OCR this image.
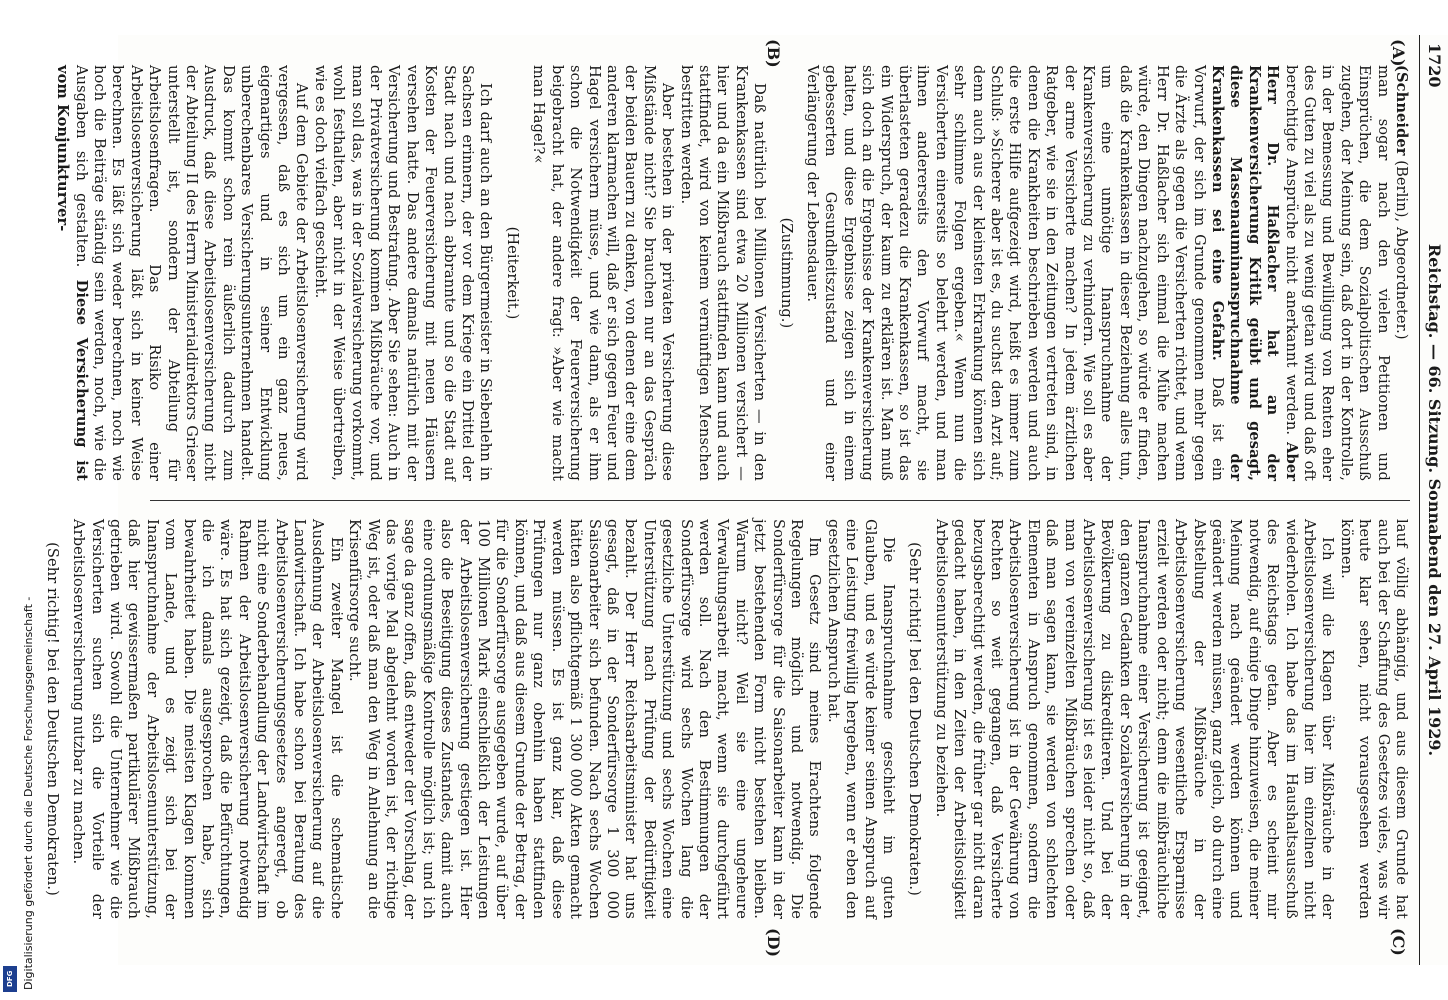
1720
Reichstag. — 66. Sitzung. Sonnabend den 27. April 1929.
(A)
(B)
(C)
(D)

(Schneider (Berlin), Abgeordneter.)

man sogar nach den vielen Petitionen und Einsprüchen, die dem Sozialpolitischen Ausschuß zugehen, der Meinung sein, daß dort in der Kontrolle, in der Bemessung und Bewilligung von Renten eher des Guten zu viel als zu wenig getan wird und daß oft berechtigte Ansprüche nicht anerkannt werden. Aber Herr Dr. Haßlacher hat an der Krankenversicherung Kritik geübt und gesagt, diese Massenauminanspruchnahme der Krankenkassen sei eine Gefahr. Daß ist ein Vorwurf, der sich im Grunde genommen mehr gegen die Ärzte als gegen die Versicherten richtet, und wenn Herr Dr. Haßlacher sich einmal die Mühe machen würde, den Dingen nachzugehen, so würde er finden, daß die Krankenkassen in dieser Beziehung alles tun, um eine unnötige Inanspruchnahme der Krankenversicherung zu verhindern. Wie soll es aber der arme Versicherte machen? In jedem ärztlichen Ratgeber, wie sie in den Zeitungen vertreten sind, in denen die Krankheiten beschrieben werden und auch die erste Hilfe aufgezeigt wird, heißt es immer zum Schluß: »Sicherer aber ist es, du suchst den Arzt auf; denn auch aus der kleinsten Erkrankung können sich sehr schlimme Folgen ergeben.« Wenn nun die Versicherten einerseits so belehrt werden, und man ihnen andererseits den Vorwurf macht, sie überlasteten geradezu die Krankenkassen, so ist das ein Widerspruch, der kaum zu erklären ist. Man muß sich doch an die Ergebnisse der Krankenversicherung halten, und diese Ergebnisse zeigen sich in einem gebesserten Gesundheitszustand und einer Verlängerung der Lebensdauer.

(Zustimmung.)

Daß natürlich bei Millionen Versicherten — in den Krankenkassen sind etwa 20 Millionen versichert — hier und da ein Mißbrauch stattfinden kann und auch stattfindet, wird von keinem vernünftigen Menschen bestritten werden.

Aber bestehen in der privaten Versicherung diese Mißstände nicht? Sie brauchen nur an das Gespräch der beiden Bauern zu denken, von denen der eine dem anderen klarmachen will, daß er sich gegen Feuer und Hagel versichern müsse, und wie dann, als er ihm schon die Notwendigkeit der Feuerversicherung beigebracht hat, der andere fragt: »Aber wie macht man Hagel?«

(Heiterkeit.)

Ich darf auch an den Bürgermeister in Siebenlehn in Sachsen erinnern, der vor dem Kriege ein Drittel der Stadt nach und nach abbrannte und so die Stadt auf Kosten der Feuerversicherung mit neuen Häusern versehen hatte. Das andere damals natürlich mit der Versicherung und Bestrafung. Aber Sie sehen: Auch in der Privatversicherung kommen Mißbräuche vor, und man soll das, was in der Sozialversicherung vorkommt, wohl festhalten, aber nicht in der Weise übertreiben, wie es doch vielfach geschieht.

Auf dem Gebiete der Arbeitslosenversicherung wird vergessen, daß es sich um ein ganz neues, eigenartiges und in seiner Entwicklung unberechenbares Versicherungsunternehmen handelt. Das kommt schon rein äußerlich dadurch zum Ausdruck, daß diese Arbeitslosenversicherung nicht der Abteilung II des Herrn Ministerialdirektors Grieser unterstellt ist, sondern der Abteilung für Arbeitslosenfragen. Das Risiko einer Arbeitslosenversicherung läßt sich in keiner Weise berechnen. Es läßt sich weder berechnen, noch wie hoch die Beiträge ständig sein werden, noch, wie die Ausgaben sich gestalten. Diese Versicherung ist vom Konjunkturver-

lauf völlig abhängig, und aus diesem Grunde hat auch bei der Schaffung des Gesetzes vieles, was wir heute klar sehen, nicht vorausgesehen werden können.

Ich will die Klagen über Mißbräuche in der Arbeitslosenversicherung hier im einzelnen nicht wiederholen. Ich habe das im Haushaltsausschuß des Reichstags getan. Aber es scheint mir notwendig, auf einige Dinge hinzuweisen, die meiner Meinung nach geändert werden können und geändert werden müssen, ganz gleich, ob durch eine Abstellung der Mißbräuche in der Arbeitslosenversicherung wesentliche Ersparnisse erzielt werden oder nicht; denn die mißbräuchliche Inanspruchnahme einer Versicherung ist geeignet, den ganzen Gedanken der Sozialversicherung in der Bevölkerung zu diskreditieren. Und bei der Arbeitslosenversicherung ist es leider nicht so, daß man von vereinzelten Mißbräuchen sprechen oder daß man sagen kann, sie werden von schlechten Elementen in Anspruch genommen, sondern die Arbeitslosenversicherung ist in der Gewährung von Rechten so weit gegangen, daß Versicherte bezugsberechtigt werden, die früher gar nicht daran gedacht haben, in den Zeiten der Arbeitslosigkeit Arbeitslosenunterstützung zu beziehen.

(Sehr richtig! bei den Deutschen Demokraten.)

Die Inanspruchnahme geschieht im guten Glauben, und es würde keiner seinen Anspruch auf eine Leistung freiwillig hergeben, wenn er eben den gesetzlichen Anspruch hat.

Im Gesetz sind meines Erachtens folgende Regelungen möglich und notwendig. Die Sonderfürsorge für die Saisonarbeiter kann in der jetzt bestehenden Form nicht bestehen bleiben. Warum nicht? Weil sie eine ungeheure Verwaltungsarbeit macht, wenn sie durchgeführt werden soll. Nach den Bestimmungen der Sonderfürsorge wird sechs Wochen lang die gesetzliche Unterstützung und sechs Wochen eine Unterstützung nach Prüfung der Bedürftigkeit bezahlt. Der Herr Reichsarbeitsminister hat uns gesagt, daß in der Sonderfürsorge 1 300 000 Saisonarbeiter sich befunden. Nach sechs Wochen hätten also pflichtgemäß 1 300 000 Akten gemacht werden müssen. Es ist ganz klar, daß diese Prüfungen nur ganz obenhin haben stattfinden können, und daß aus diesem Grunde der Betrag, der für die Sonderfürsorge ausgegeben wurde, auf über 100 Millionen Mark einschließlich der Leistungen der Arbeitslosenversicherung gestiegen ist. Hier also die Beseitigung dieses Zustandes, damit auch eine ordnungsmäßige Kontrolle möglich ist; und ich sage da ganz offen, daß entweder der Vorschlag, der das vorige Mal abgelehnt worden ist, der richtige Weg ist, oder daß man den Weg in Anlehnung an die Krisenfürsorge sucht.

Ein zweiter Mangel ist die schematische Ausdehnung der Arbeitslosenversicherung auf die Landwirtschaft. Ich habe schon bei Beratung des Arbeitslosenversicherungsgesetzes angeregt, ob nicht eine Sonderbehandlung der Landwirtschaft im Rahmen der Arbeitslosenversicherung notwendig wäre. Es hat sich gezeigt, daß die Befürchtungen, die ich damals ausgesprochen habe, sich bewahrheitet haben. Die meisten Klagen kommen vom Lande, und es zeigt sich bei der Inanspruchnahme der Arbeitslosenunterstützung, daß hier gewissermaßen partikulärer Mißbrauch getrieben wird. Sowohl die Unternehmer wie die Versicherten suchen sich die Vorteile der Arbeitslosenversicherung nutzbar zu machen.

(Sehr richtig! bei den Deutschen Demokraten.)

Digitalisierung gefördert durch die Deutsche Forschungsgemeinschaft -
DFG
